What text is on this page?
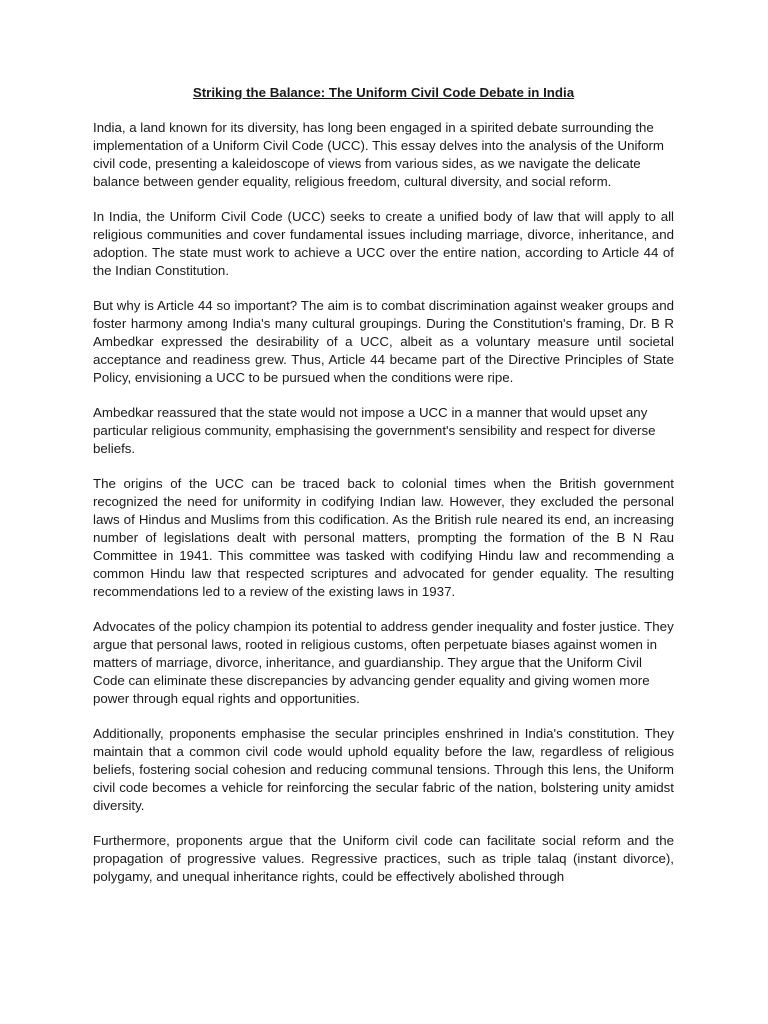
Striking the Balance: The Uniform Civil Code Debate in India

India, a land known for its diversity, has long been engaged in a spirited debate surrounding the implementation of a Uniform Civil Code (UCC). This essay delves into the analysis of the Uniform civil code, presenting a kaleidoscope of views from various sides, as we navigate the delicate balance between gender equality, religious freedom, cultural diversity, and social reform.

In India, the Uniform Civil Code (UCC) seeks to create a unified body of law that will apply to all religious communities and cover fundamental issues including marriage, divorce, inheritance, and adoption. The state must work to achieve a UCC over the entire nation, according to Article 44 of the Indian Constitution.

But why is Article 44 so important? The aim is to combat discrimination against weaker groups and foster harmony among India's many cultural groupings. During the Constitution's framing, Dr. B R Ambedkar expressed the desirability of a UCC, albeit as a voluntary measure until societal acceptance and readiness grew. Thus, Article 44 became part of the Directive Principles of State Policy, envisioning a UCC to be pursued when the conditions were ripe.

Ambedkar reassured that the state would not impose a UCC in a manner that would upset any particular religious community, emphasising the government's sensibility and respect for diverse beliefs.

The origins of the UCC can be traced back to colonial times when the British government recognized the need for uniformity in codifying Indian law. However, they excluded the personal laws of Hindus and Muslims from this codification. As the British rule neared its end, an increasing number of legislations dealt with personal matters, prompting the formation of the B N Rau Committee in 1941. This committee was tasked with codifying Hindu law and recommending a common Hindu law that respected scriptures and advocated for gender equality. The resulting recommendations led to a review of the existing laws in 1937.

Advocates of the policy champion its potential to address gender inequality and foster justice. They argue that personal laws, rooted in religious customs, often perpetuate biases against women in matters of marriage, divorce, inheritance, and guardianship. They argue that the Uniform Civil Code can eliminate these discrepancies by advancing gender equality and giving women more power through equal rights and opportunities.

Additionally, proponents emphasise the secular principles enshrined in India's constitution. They maintain that a common civil code would uphold equality before the law, regardless of religious beliefs, fostering social cohesion and reducing communal tensions. Through this lens, the Uniform civil code becomes a vehicle for reinforcing the secular fabric of the nation, bolstering unity amidst diversity.

Furthermore, proponents argue that the Uniform civil code can facilitate social reform and the propagation of progressive values. Regressive practices, such as triple talaq (instant divorce), polygamy, and unequal inheritance rights, could be effectively abolished through
